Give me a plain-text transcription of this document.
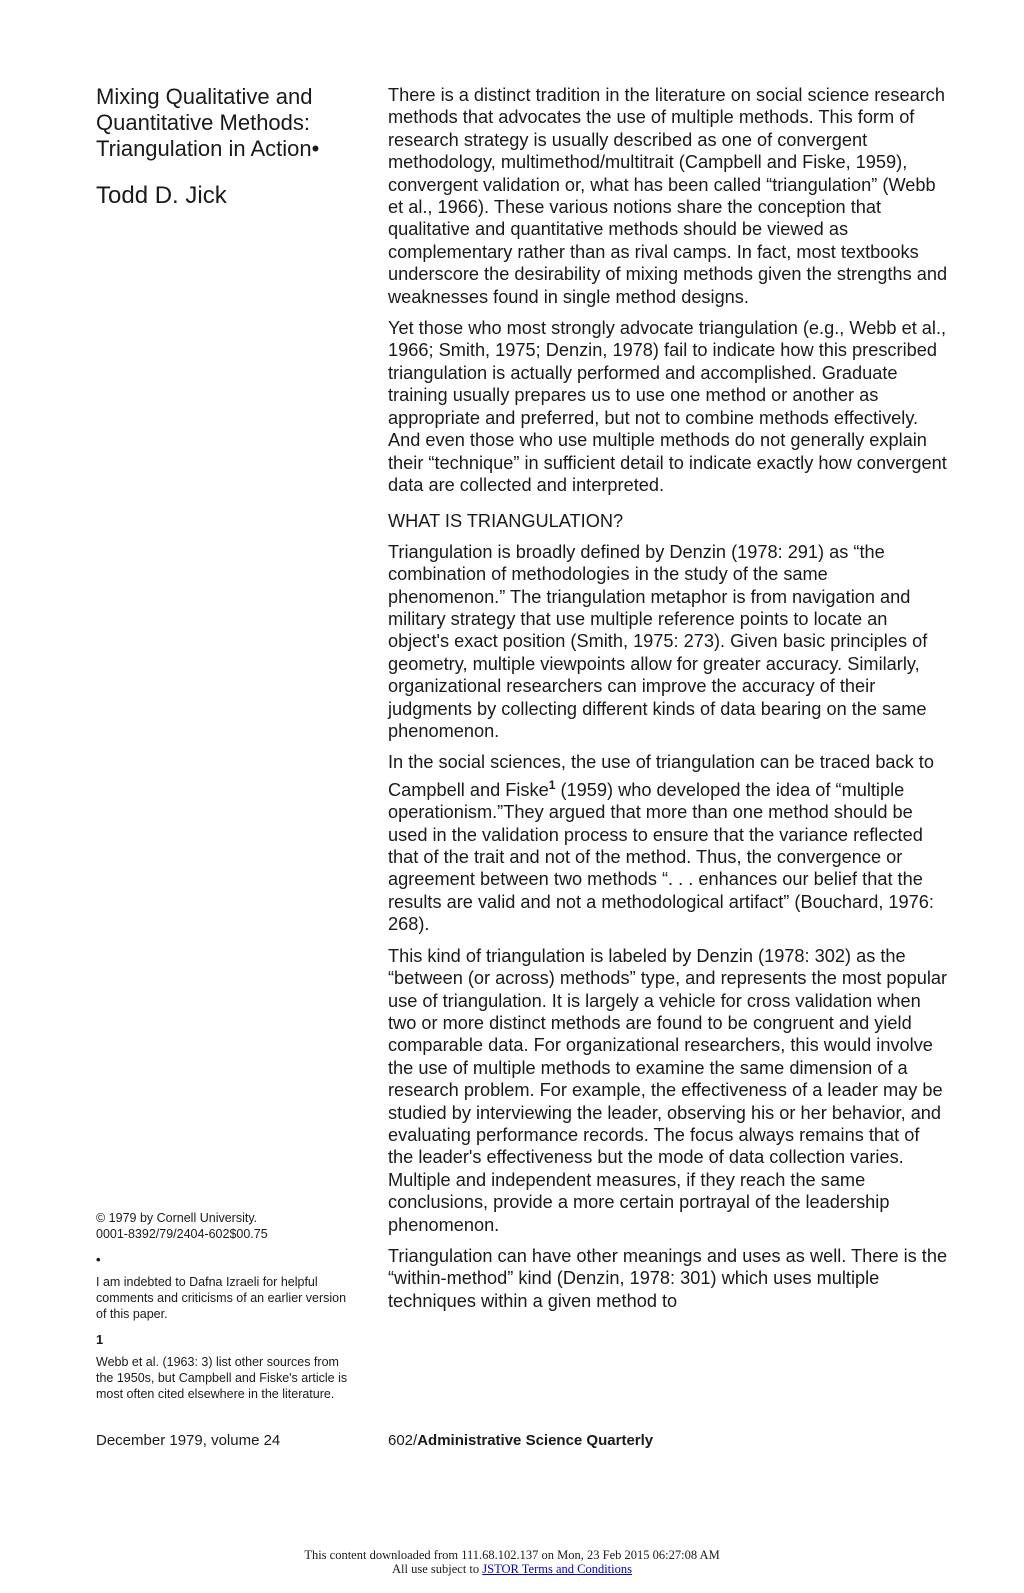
Mixing Qualitative and
Quantitative Methods:
Triangulation in Action•
Todd D. Jick

© 1979 by Cornell University.

0001-8392/79/2404-602$00.75

•

I am indebted to Dafna Izraeli for helpful comments and criticisms of an earlier version of this paper.

1

Webb et al. (1963: 3) list other sources from the 1950s, but Campbell and Fiske's article is most often cited elsewhere in the literature.

December 1979, volume 24

There is a distinct tradition in the literature on social science research methods that advocates the use of multiple methods. This form of research strategy is usually described as one of convergent methodology, multimethod/multitrait (Campbell and Fiske, 1959), convergent validation or, what has been called “triangulation” (Webb et al., 1966). These various notions share the conception that qualitative and quantitative methods should be viewed as complementary rather than as rival camps. In fact, most textbooks underscore the desirability of mixing methods given the strengths and weaknesses found in single method designs.

Yet those who most strongly advocate triangulation (e.g., Webb et al., 1966; Smith, 1975; Denzin, 1978) fail to indicate how this prescribed triangulation is actually performed and accomplished. Graduate training usually prepares us to use one method or another as appropriate and preferred, but not to combine methods effectively. And even those who use multiple methods do not generally explain their “technique” in sufficient detail to indicate exactly how convergent data are collected and interpreted.

WHAT IS TRIANGULATION?

Triangulation is broadly defined by Denzin (1978: 291) as “the combination of methodologies in the study of the same phenomenon.” The triangulation metaphor is from navigation and military strategy that use multiple reference points to locate an object's exact position (Smith, 1975: 273). Given basic principles of geometry, multiple viewpoints allow for greater accuracy. Similarly, organizational researchers can improve the accuracy of their judgments by collecting different kinds of data bearing on the same phenomenon.

In the social sciences, the use of triangulation can be traced back to Campbell and Fiske$^1$ (1959) who developed the idea of “multiple operationism.”They argued that more than one method should be used in the validation process to ensure that the variance reflected that of the trait and not of the method. Thus, the convergence or agreement between two methods “. . . enhances our belief that the results are valid and not a methodological artifact” (Bouchard, 1976: 268).

This kind of triangulation is labeled by Denzin (1978: 302) as the “between (or across) methods” type, and represents the most popular use of triangulation. It is largely a vehicle for cross validation when two or more distinct methods are found to be congruent and yield comparable data. For organizational researchers, this would involve the use of multiple methods to examine the same dimension of a research problem. For example, the effectiveness of a leader may be studied by interviewing the leader, observing his or her behavior, and evaluating performance records. The focus always remains that of the leader's effectiveness but the mode of data collection varies. Multiple and independent measures, if they reach the same conclusions, provide a more certain portrayal of the leadership phenomenon.

Triangulation can have other meanings and uses as well. There is the “within-method” kind (Denzin, 1978: 301) which uses multiple techniques within a given method to

602/Administrative Science Quarterly
This content downloaded from 111.68.102.137 on Mon, 23 Feb 2015 06:27:08 AM
All use subject to JSTOR Terms and Conditions
